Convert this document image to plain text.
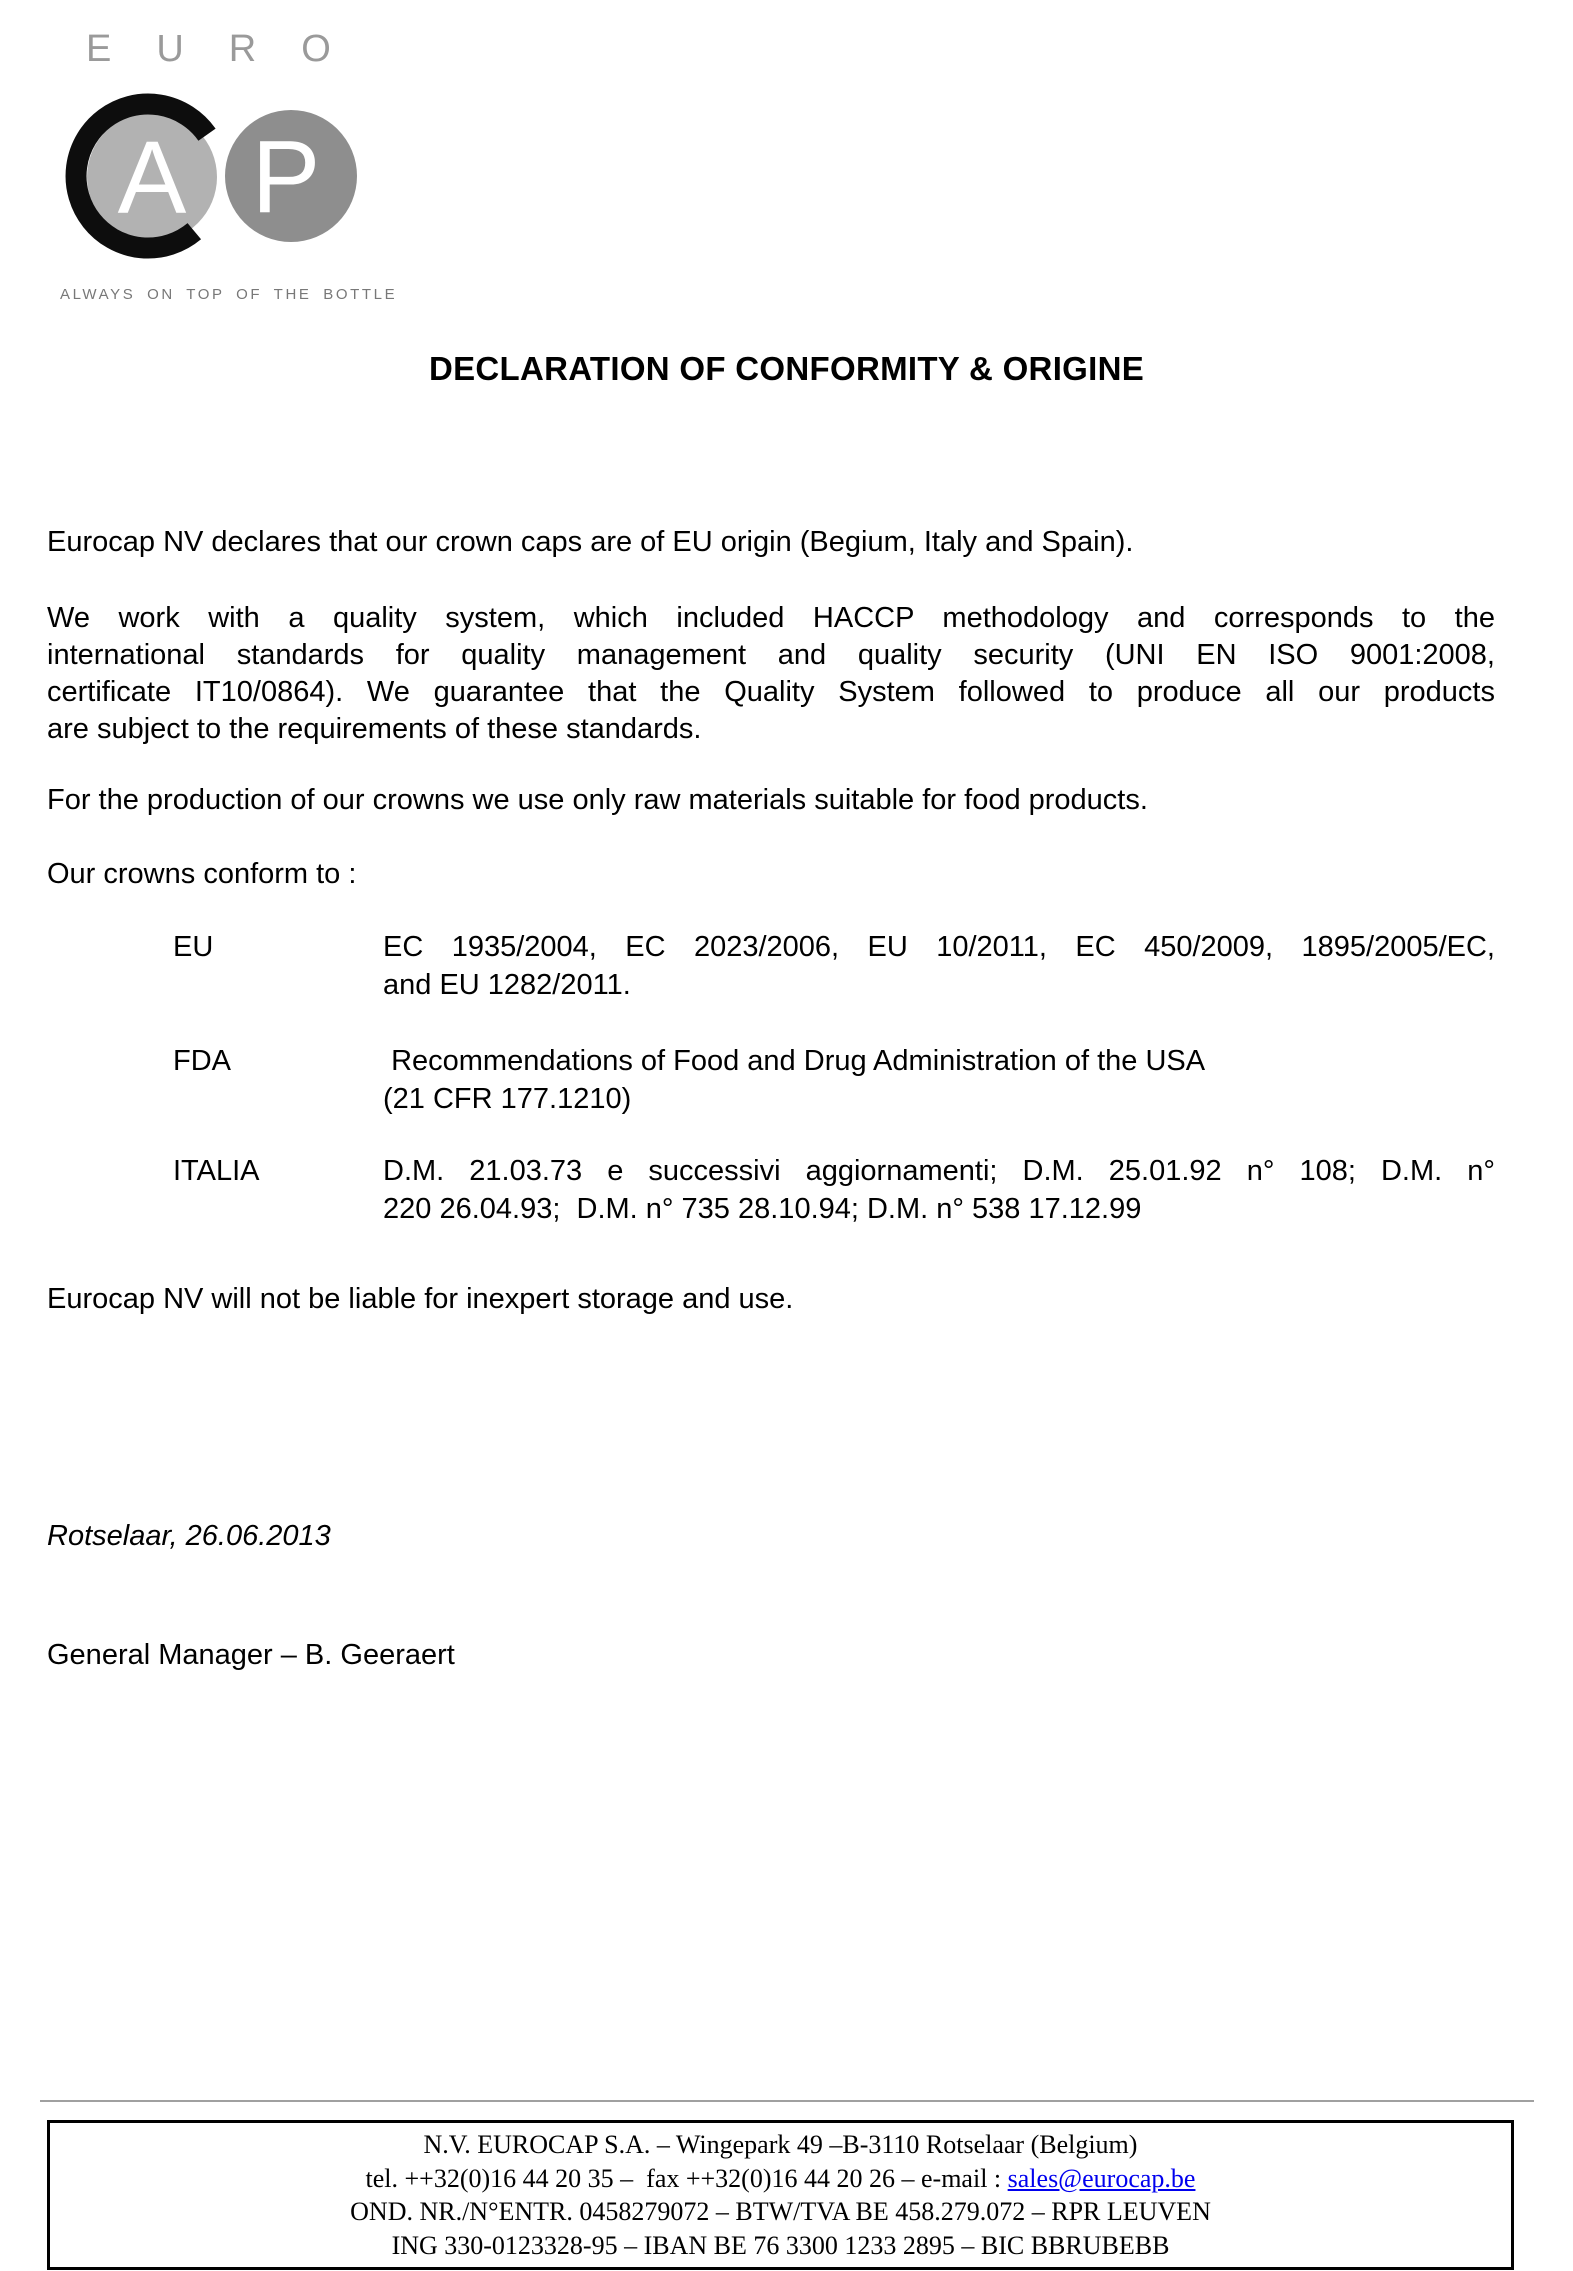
EURO
A P
ALWAYS ON TOP OF THE BOTTLE
DECLARATION OF CONFORMITY & ORIGINE
Eurocap NV declares that our crown caps are of EU origin (Begium, Italy and Spain).
We work with a quality system, which included HACCP methodology and corresponds to the
international standards for quality management and quality security (UNI EN ISO 9001:2008,
certificate IT10/0864). We guarantee that the Quality System followed to produce all our products
are subject to the requirements of these standards.
For the production of our crowns we use only raw materials suitable for food products.
Our crowns conform to :
EU	EC 1935/2004, EC 2023/2006, EU 10/2011, EC 450/2009, 1895/2005/EC,
and EU 1282/2011.
FDA	Recommendations of Food and Drug Administration of the USA
(21 CFR 177.1210)
ITALIA	D.M. 21.03.73 e successivi aggiornamenti; D.M. 25.01.92 n° 108; D.M. n°
220 26.04.93;  D.M. n° 735 28.10.94; D.M. n° 538 17.12.99
Eurocap NV will not be liable for inexpert storage and use.
Rotselaar, 26.06.2013
General Manager – B. Geeraert
N.V. EUROCAP S.A. – Wingepark 49 –B-3110 Rotselaar (Belgium)
tel. ++32(0)16 44 20 35 –  fax ++32(0)16 44 20 26 – e-mail : sales@eurocap.be
OND. NR./N°ENTR. 0458279072 – BTW/TVA BE 458.279.072 – RPR LEUVEN
ING 330-0123328-95 – IBAN BE 76 3300 1233 2895 – BIC BBRUBEBB
